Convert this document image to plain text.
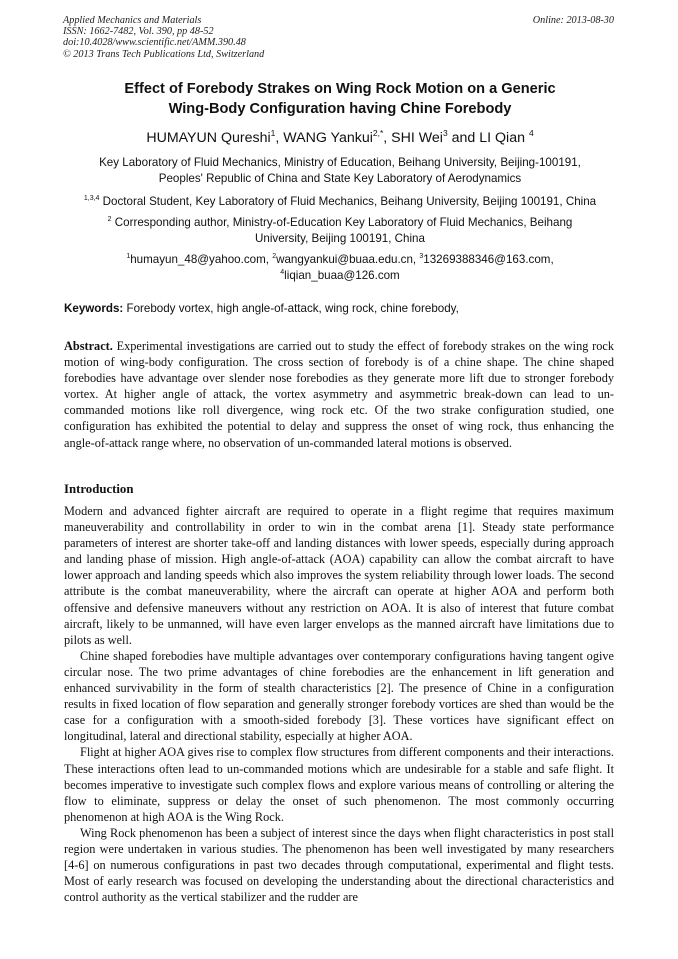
Applied Mechanics and Materials
ISSN: 1662-7482, Vol. 390, pp 48-52
doi:10.4028/www.scientific.net/AMM.390.48
© 2013 Trans Tech Publications Ltd, Switzerland
Online: 2013-08-30
Effect of Forebody Strakes on Wing Rock Motion on a Generic
Wing-Body Configuration having Chine Forebody
HUMAYUN Qureshi$^1$, WANG Yankui$^{2,*}$, SHI Wei$^3$ and LI Qian $^4$
Key Laboratory of Fluid Mechanics, Ministry of Education, Beihang University, Beijing-100191,
Peoples' Republic of China and State Key Laboratory of Aerodynamics
$^{1,3,4}$ Doctoral Student, Key Laboratory of Fluid Mechanics, Beihang University, Beijing 100191, China
$^2$ Corresponding author, Ministry-of-Education Key Laboratory of Fluid Mechanics, Beihang
University, Beijing 100191, China
$^1$humayun_48@yahoo.com, $^2$wangyankui@buaa.edu.cn, $^3$13269388346@163.com,
$^4$liqian_buaa@126.com
Keywords: Forebody vortex, high angle-of-attack, wing rock, chine forebody,
Abstract. Experimental investigations are carried out to study the effect of forebody strakes on the wing rock motion of wing-body configuration. The cross section of forebody is of a chine shape. The chine shaped forebodies have advantage over slender nose forebodies as they generate more lift due to stronger forebody vortex. At higher angle of attack, the vortex asymmetry and asymmetric break-down can lead to un-commanded motions like roll divergence, wing rock etc. Of the two strake configuration studied, one configuration has exhibited the potential to delay and suppress the onset of wing rock, thus enhancing the angle-of-attack range where, no observation of un-commanded lateral motions is observed.
Introduction

Modern and advanced fighter aircraft are required to operate in a flight regime that requires maximum maneuverability and controllability in order to win in the combat arena [1]. Steady state performance parameters of interest are shorter take-off and landing distances with lower speeds, especially during approach and landing phase of mission. High angle-of-attack (AOA) capability can allow the combat aircraft to have lower approach and landing speeds which also improves the system reliability through lower loads. The second attribute is the combat maneuverability, where the aircraft can operate at higher AOA and perform both offensive and defensive maneuvers without any restriction on AOA. It is also of interest that future combat aircraft, likely to be unmanned, will have even larger envelops as the manned aircraft have limitations due to pilots as well.

Chine shaped forebodies have multiple advantages over contemporary configurations having tangent ogive circular nose. The two prime advantages of chine forebodies are the enhancement in lift generation and enhanced survivability in the form of stealth characteristics [2]. The presence of Chine in a configuration results in fixed location of flow separation and generally stronger forebody vortices are shed than would be the case for a configuration with a smooth-sided forebody [3]. These vortices have significant effect on longitudinal, lateral and directional stability, especially at higher AOA.

Flight at higher AOA gives rise to complex flow structures from different components and their interactions. These interactions often lead to un-commanded motions which are undesirable for a stable and safe flight. It becomes imperative to investigate such complex flows and explore various means of controlling or altering the flow to eliminate, suppress or delay the onset of such phenomenon. The most commonly occurring phenomenon at high AOA is the Wing Rock.

Wing Rock phenomenon has been a subject of interest since the days when flight characteristics in post stall region were undertaken in various studies. The phenomenon has been well investigated by many researchers [4-6] on numerous configurations in past two decades through computational, experimental and flight tests. Most of early research was focused on developing the understanding about the directional characteristics and control authority as the vertical stabilizer and the rudder are
